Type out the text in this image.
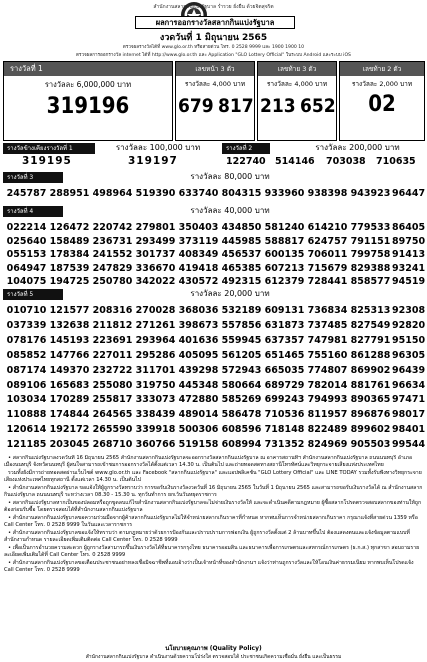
สำนักงานสลากกินแบ่งรัฐบาล ร่ำรวย ยั่งยืน ด้วยจิตสุจริต
ผลการออกรางวัลสลากกินแบ่งรัฐบาล
งวดวันที่ 1 มิถุนายน 2565
ตรวจผลรางวัลได้ที่ www.glo.or.th หรือสายด่วน โทร. 0 2528 9999 และ 1900 1900 10
ตรวจผลการออกรางวัล internet ได้ที่ http://www.glo.or.th และ Application "GLO Lottery Official" ในระบบ Android และระบบ iOS
รางวัลที่ 1
รางวัลละ 6,000,000 บาท
319196
เลขหน้า 3 ตัว
รางวัลละ 4,000 บาท
679 817
เลขท้าย 3 ตัว
รางวัลละ 4,000 บาท
213 652
เลขท้าย 2 ตัว
รางวัลละ 2,000 บาท
02
รางวัลข้างเคียงรางวัลที่ 1	รางวัลละ 100,000 บาท
319195	319197
รางวัลที่ 2	รางวัลละ 200,000 บาท
122740 514146 703038 710635
รางวัลที่ 3	รางวัลละ 80,000 บาท
245787 288951 498964 519390 633740 804315 933960 938398 943923 96447
รางวัลที่ 4	รางวัลละ 40,000 บาท
022214 126472 220742 279801 350403 434850 581240 614210 779533 86405
025640 158489 236731 293499 373119 445985 588817 624757 791151 89750
055153 178384 241552 301737 408349 456537 600135 706011 799758 91413
064947 187539 247829 336670 419418 465385 607213 715679 829388 93241
104075 194725 250780 342022 430572 492315 612379 728441 858577 94519
รางวัลที่ 5	รางวัลละ 20,000 บาท
010710 121577 208316 270028 368036 532189 609131 736834 825313 92308
037339 132638 211812 271261 398673 557856 631873 737485 827549 92820
078176 145193 223691 293964 401636 559945 637357 747981 827791 95150
085852 147766 227011 295286 405095 561205 651465 755160 861288 96305
087174 149370 232722 311701 439298 572943 665035 774807 869902 96439
089106 165683 255080 319750 445348 580664 689729 782014 881761 96634
103034 170289 255817 333073 472880 585269 699243 794993 890365 97471
110888 174844 264565 338439 489014 586478 710536 811957 896876 98017
120614 192172 265590 339918 500306 608596 718148 822489 899602 98401
121185 203045 268710 360766 519158 608994 731352 824969 905503 99544

• สลากกินแบ่งรัฐบาลงวดวันที่ 16 มิถุนายน 2565 สำนักงานสลากกินแบ่งรัฐบาลจะออกรางวัลสลากกินแบ่งรัฐบาล ณ อาคารสถานที่ฯ สำนักงานสลากกินแบ่งรัฐบาล ถนนนนทบุรี อำเภอเมืองนนทบุรี จังหวัดนนทบุรี ผู้สนใจสามารถเข้าชมการออกรางวัลได้ตั้งแต่เวลา 14.30 น. เป็นต้นไป และถ่ายทอดสดทางสถานีโทรทัศน์และวิทยุกระจายเสียงแห่งประเทศไทย

รวมทั้งยังมีการถ่ายทอดสดผ่านเว็บไซต์ www.glo.or.th และ Facebook "สลากกินแบ่งรัฐบาล" และแอปพลิเคชัน "GLO Lottery Official" และ LINE TODAY รวมทั้งรับฟังทางวิทยุกระจายเสียงแห่งประเทศไทยทุกสถานี ตั้งแต่เวลา 14.30 น. เป็นต้นไป

• สำนักงานสลากกินแบ่งรัฐบาล ขอแจ้งให้ผู้ถูกรางวัลทราบว่า การขอรับเงินรางวัลงวดวันที่ 16 มิถุนายน 2565 ในวันที่ 1 มิถุนายน 2565 และสามารถขอรับเงินรางวัลได้ ณ สำนักงานสลากกินแบ่งรัฐบาล ถนนนนทบุรี ระหว่างเวลา 08.30 - 15.30 น. ทุกวันทำการ ยกเว้นวันหยุดราชการ

• สลากกินแบ่งรัฐบาลหากเป็นของปลอมหรือถูกขูดลบแก้ไขสำนักงานสลากกินแบ่งรัฐบาลจะไม่จ่ายเงินรางวัลให้ และจะดำเนินคดีตามกฎหมาย ผู้ซื้อสลากโปรดตรวจสอบสลากของท่านให้ถูกต้องก่อนรับซื้อ โดยตรวจสอบได้ที่สำนักงานสลากกินแบ่งรัฐบาล

• สำนักงานสลากกินแบ่งรัฐบาลขอความร่วมมือจากผู้ค้าสลากกินแบ่งรัฐบาลไม่ให้จำหน่ายสลากเกินราคาที่กำหนด หากพบเห็นการจำหน่ายสลากเกินราคา กรุณาแจ้งที่สายด่วน 1359 หรือ Call Center โทร. 0 2528 9999 ในวันและเวลาราชการ

• สำนักงานสลากกินแบ่งรัฐบาลขอแจ้งให้ทราบว่า ตามกฎหมายว่าด้วยการป้องกันและปราบปรามการฟอกเงิน ผู้ถูกรางวัลตั้งแต่ 2 ล้านบาทขึ้นไป ต้องแสดงตนและแจ้งข้อมูลตามแบบที่สำนักงานกำหนด รายละเอียดเพิ่มเติมติดต่อ Call Center โทร. 0 2528 9999

• เพื่อเป็นการอำนวยความสะดวก ผู้ถูกรางวัลสามารถขึ้นเงินรางวัลได้ที่ธนาคารกรุงไทย ธนาคารออมสิน และธนาคารเพื่อการเกษตรและสหกรณ์การเกษตร (ธ.ก.ส.) ทุกสาขา สอบถามรายละเอียดเพิ่มเติมได้ที่ Call Center โทร. 0 2528 9999

• สำนักงานสลากกินแบ่งรัฐบาลขอเตือนประชาชนอย่าหลงเชื่อมิจฉาชีพที่แอบอ้างว่าเป็นเจ้าหน้าที่ของสำนักงานฯ แจ้งว่าท่านถูกรางวัลและให้โอนเงินค่าธรรมเนียม หากพบเห็นโปรดแจ้ง Call Center โทร. 0 2528 9999

นโยบายคุณภาพ (Quality Policy)
สำนักงานสลากกินแบ่งรัฐบาล ดำเนินงานด้วยความโปร่งใส ตรวจสอบได้ ประชาชนเกิดความเชื่อมั่น ยั่งยืน และเป็นธรรม
